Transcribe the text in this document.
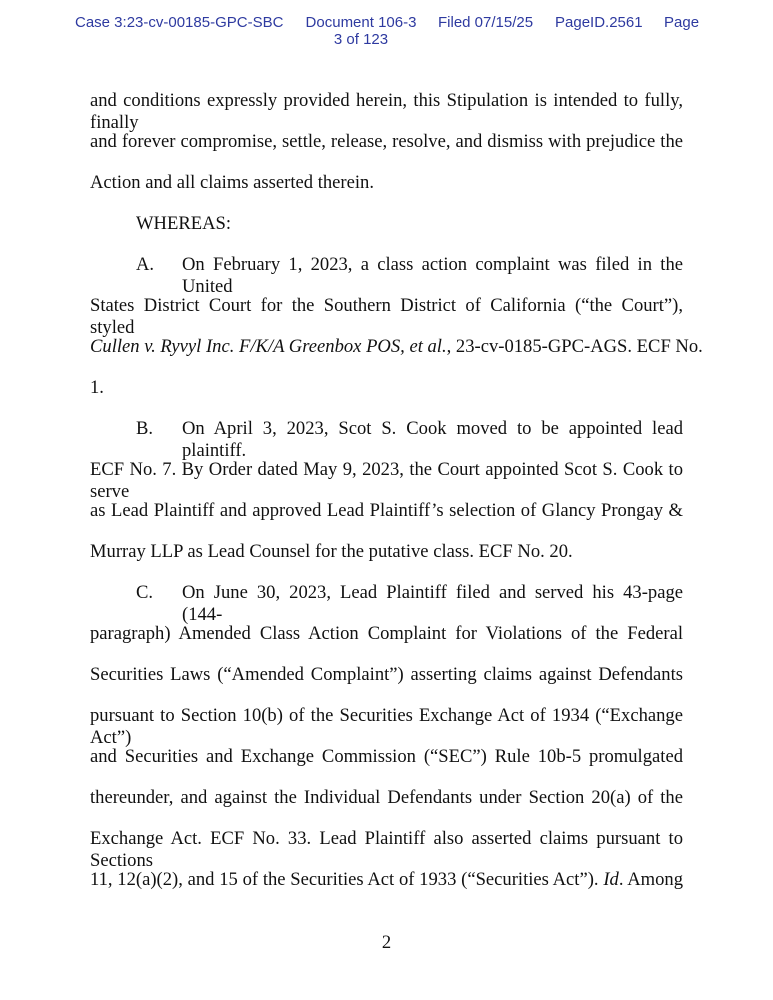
Case 3:23-cv-00185-GPC-SBC	Document 106-3
3 of 123
Filed 07/15/25 PageID.2561 Page
and conditions expressly provided herein, this Stipulation is intended to fully, finally
and forever compromise, settle, release, resolve, and dismiss with prejudice the
Action and all claims asserted therein.
WHEREAS:
A.	On February 1, 2023, a class action complaint was filed in the United
States District Court for the Southern District of California (“the Court”), styled
Cullen v. Ryvyl Inc. F/K/A Greenbox POS, et al., 23-cv-0185-GPC-AGS. ECF No.
1.
B.	On April 3, 2023, Scot S. Cook moved to be appointed lead plaintiff.
ECF No. 7. By Order dated May 9, 2023, the Court appointed Scot S. Cook to serve
as Lead Plaintiff and approved Lead Plaintiff’s selection of Glancy Prongay &
Murray LLP as Lead Counsel for the putative class. ECF No. 20.
C.	On June 30, 2023, Lead Plaintiff filed and served his 43-page (144-
paragraph) Amended Class Action Complaint for Violations of the Federal
Securities Laws (“Amended Complaint”) asserting claims against Defendants
pursuant to Section 10(b) of the Securities Exchange Act of 1934 (“Exchange Act”)
and Securities and Exchange Commission (“SEC”) Rule 10b-5 promulgated
thereunder, and against the Individual Defendants under Section 20(a) of the
Exchange Act. ECF No. 33. Lead Plaintiff also asserted claims pursuant to Sections
11, 12(a)(2), and 15 of the Securities Act of 1933 (“Securities Act”). Id. Among
2
